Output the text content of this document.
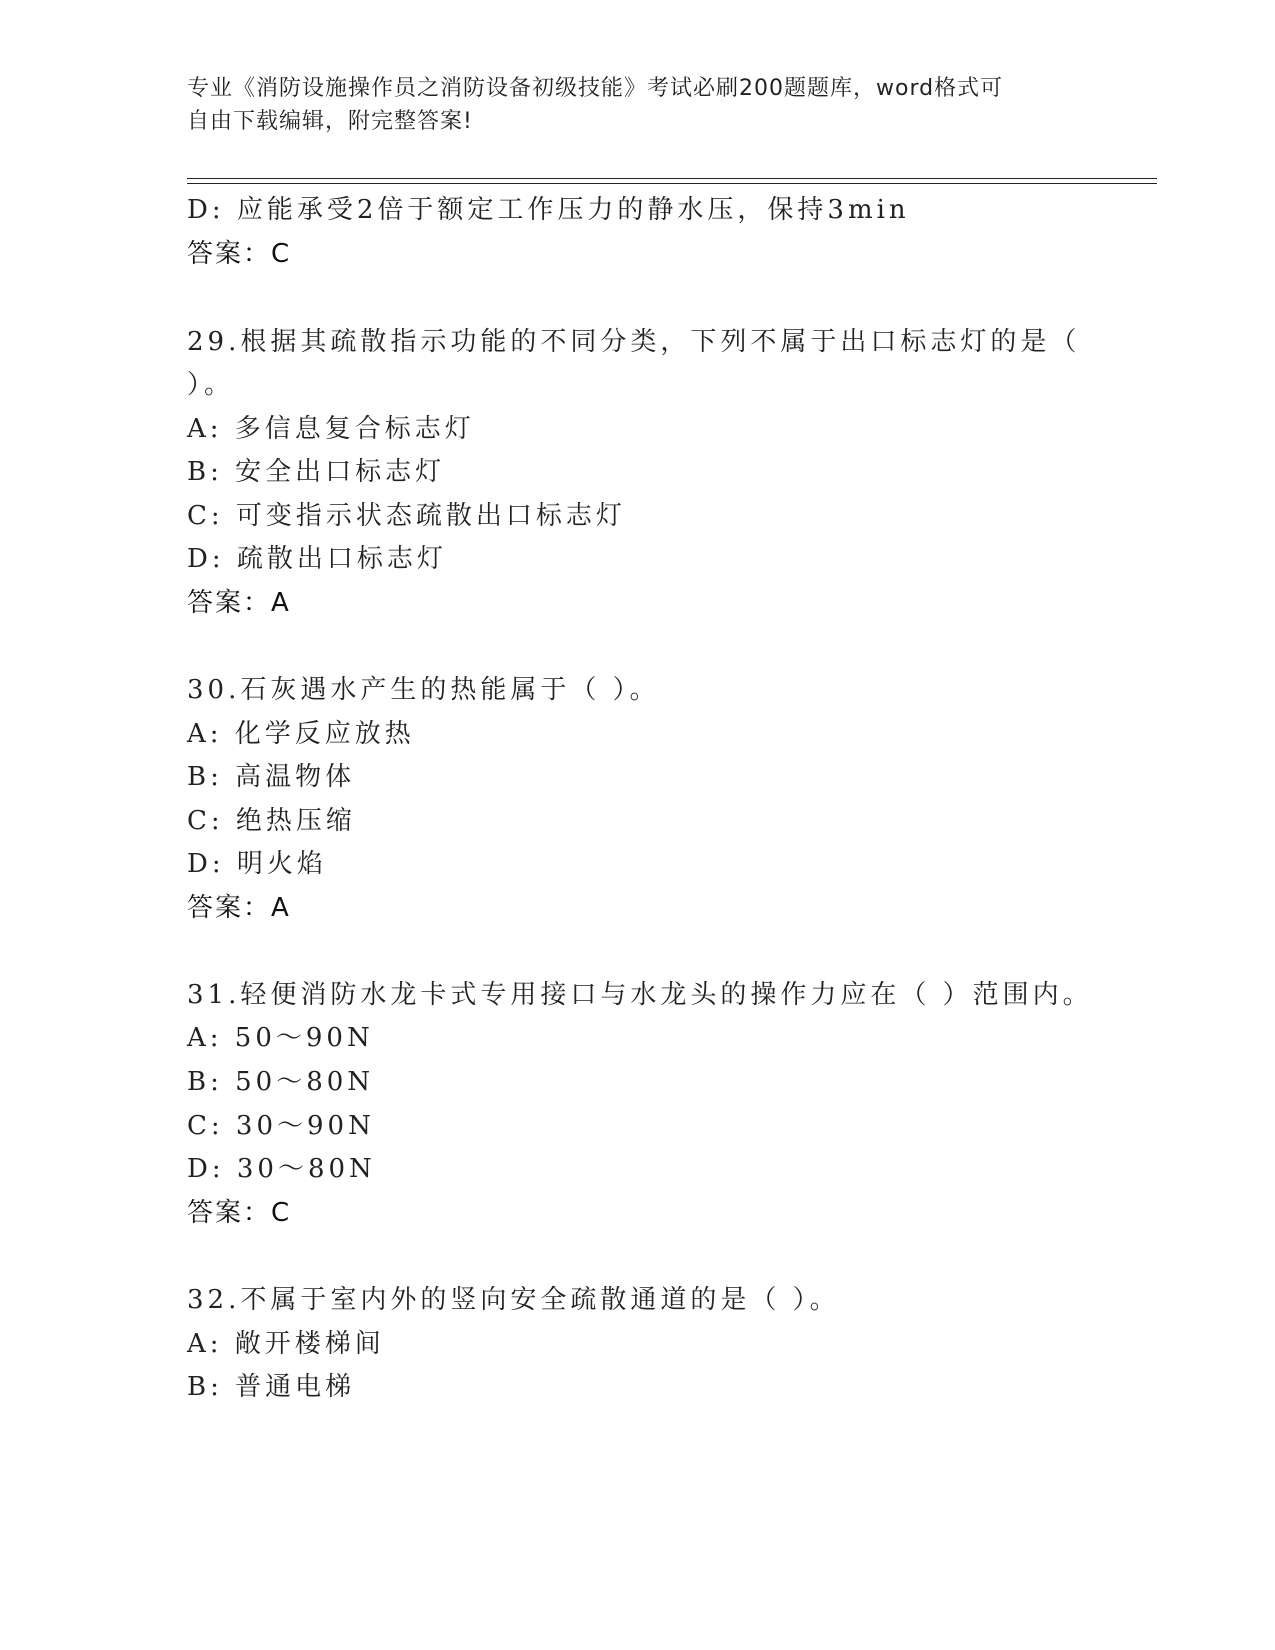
专业《消防设施操作员之消防设备初级技能》考试必刷200题题库，word格式可
自由下载编辑，附完整答案!
D: 应能承受2倍于额定工作压力的静水压，保持3min
答案：C
29.根据其疏散指示功能的不同分类，下列不属于出口标志灯的是（
）。
A: 多信息复合标志灯
B: 安全出口标志灯
C: 可变指示状态疏散出口标志灯
D: 疏散出口标志灯
答案：A
30.石灰遇水产生的热能属于（ ）。
A: 化学反应放热
B: 高温物体
C: 绝热压缩
D: 明火焰
答案：A
31.轻便消防水龙卡式专用接口与水龙头的操作力应在（ ）范围内。
A: 50～90N
B: 50～80N
C: 30～90N
D: 30～80N
答案：C
32.不属于室内外的竖向安全疏散通道的是（ ）。
A: 敞开楼梯间
B: 普通电梯
